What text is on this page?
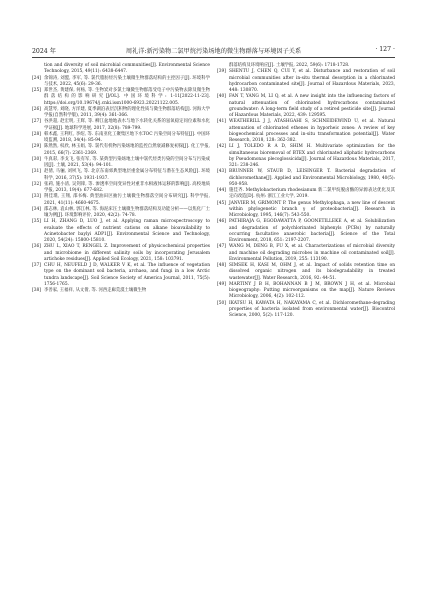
2024 年	周礼洋:新污染物二氯甲烷污染场地的微生物群落与环境因子关系	· 127 ·
tion and diversity of soil microbial communities[J]. Environmental Science Technology, 2015, 49(11): 6438-6447.
[24] 余锦涛, 刘盟, 李军, 等. 氯代脂肪烃污染土壤微生物群落结构的主控因子[J]. 环境科学与技术, 2022, 45(6): 29-36.
[25] 郑世杰, 黄建保, 何杨, 等. 生物炭对多氯土壤微生物群落受电子中污染物去除及微生物群落结构的影响研究[J/OL]. 中国环境科学: 1-11[2022-11-23]. https://doi.org/10.19674/j.cnki.issn1000-6923.20221122.005.
[26] 高慧琴, 刘晓, 方洋建, 夏季湖泊表层沉积物的理化性质与微生物群落结构[J]. 河海大学学报(自然科学版), 2011, 39(4): 361-366.
[27] 谷洪超, 赵宏明, 王辉, 等. 柳江盆地地表水与地下水转化关系的氢氧稳定同位素和水化学证据[J]. 地球科学进展, 2017, 32(8): 789-799.
[28] 韩术鑫, 王利红, 李绍, 等. 东南亚化工聚集区地下水TOC 污染空间分布特征[J]. 中国环境监测, 2018, 34(4): 85-94.
[29] 陈然然, 权欣, 林玉娟, 等. 氯代有机物污染场地的监控自然衰减修复初探[J]. 化工学报, 2015, 66(7): 2361-2369.
[30] 牛真彩, 李戈飞, 张有军, 等. 某典型污染场地土壤中氯代烃类污染的空间分布与污染成因[J]. 土壤, 2021, 53(4): 94-101.
[31] 赵倩, 马骊, 刘夙飞, 等. 北京东南郊典型地层重金属分布特征与潜在生态风险[J]. 环境科学, 2016, 37(5): 1931-1937.
[32] 张莉, 施小清, 吴剑锋, 等. 渗透率空间变异性对重非水相液体运移的影响[J]. 高校地质学报, 2013, 19(4): 677-682.
[33] 荆佳璞, 王翔, 邵书梅. 典型油田区抽污土壤微生物群落空间分布研究[J]. 科学学报, 2021, 41(11): 4660-4675.
[34] 邵志林, 袁山林, 郭江林, 等. 海泥床汪土壤微生物群落结构及功能分析——以焦化厂土壤为例[J]. 环境影响评价, 2020, 42(2): 74-78.
[35] LI H, ZHANG D, LUO J, et al. Applying raman microspectroscopy to evaluate the effects of nutrient cations on alkane bioavailability to Acinetobacter baylyi ADP1[J]. Environmental Science and Technology, 2020, 54(24): 15800-15810.
[36] ZHU L, XIAO T, RENGEL Z. Improvement of physicochemical properties and microbiome in different salinity soils by incorporating Jerusalem artichoke residues[J]. Applied Soil Ecology, 2021, 158: 103791.
[37] CHU H, NEUFELD J D, WALKER V K, et al. The influence of vegetation type on the dominant soil bacteria, archaea, and fungi in a low Arctic tundra landscape[J]. Soil Science Society of America Journal, 2011, 75(5): 1756-1765.
[38] 李善家, 王福祥, 从文倩, 等. 河西走廊荒漠土壤微生物
群落结构及环境响应[J]. 土壤学报, 2022, 59(6): 1718-1728.
[39] SHENTU J, CHEN Q, CUI Y, et al. Disturbance and restoration of soil microbial communities after in-situ thermal desorption in a chlorinated hydrocarbon contaminated site[J]. Journal of Hazardous Materials, 2023, 448: 130870.
[40] FAN T, YANG M, LI Q, et al. A new insight into the influencing factors of natural attenuation of chlorinated hydrocarbons contaminated groundwater: A long-term field study of a retired pesticide site[J]. Journal of Hazardous Materials, 2022, 439: 129595.
[41] WEATHERILL J J, ATASHGAHI S, SCHNEIDEWIND U, et al. Natural attenuation of chlorinated ethenes in hyporheic zones: A review of key biogeochemical processes and in-situ transformation potential[J]. Water Research, 2018, 128: 362-382.
[42] LI J, TOLEDO R A D, SHIM H. Multivariate optimization for the simultaneous bioremoval of BTEX and chlorinated aliphatic hydrocarbons by Pseudomonas plecoglossicida[J]. Journal of Hazardous Materials, 2017, 321: 238-246.
[43] BRUNNER W, STAUB D, LEISINGER T. Bacterial degradation of dichloromethane[J]. Applied and Environmental Microbiology, 1980, 40(5): 950-958.
[44] 施佳齐. Methylobacterium rhodesianum 新二氯甲烷脱卤酶的异源表达优化及其定向改造[D]. 杭州: 浙江工业大学, 2019.
[45] JANVIER M, GRIMONT P. The genus Methylophaga, a new line of descent within phylogenetic branch γ of proteobacteria[J]. Research in Microbiology, 1995, 146(7): 543-550.
[46] PATHIRAJA G, EGODAWATTA P, GOONETILLEKE A, et al. Solubilization and degradation of polychlorinated biphenyls (PCBs) by naturally occurring facultative anaerobic bacteria[J]. Science of the Total Environment, 2018, 651: 2197-2207.
[47] WANG M, DENG B, FU X, et al. Characterizations of microbial diversity and machine oil degrading microbes in machine oil contaminated soil[J]. Environmental Pollution, 2019, 255: 113190.
[48] SIMSEK H, KASI M, OHM J, et al. Impact of solids retention time on dissolved organic nitrogen and its biodegradability in treated wastewater[J]. Water Research, 2016, 92: 44-51.
[49] MARTINY J B H, BOHANNAN B J M, BROWN J H, et al. Microbial biogeography: Putting microorganisms on the map[J]. Nature Reviews Microbiology, 2006, 4(2): 102-112.
[50] IKATSU H, KAWATA H, NAKAYAMA C, et al. Dichloromethane-degrading properties of bacteria isolated from environmental water[J]. Biocontrol Science, 2000, 5(2): 117-120.
